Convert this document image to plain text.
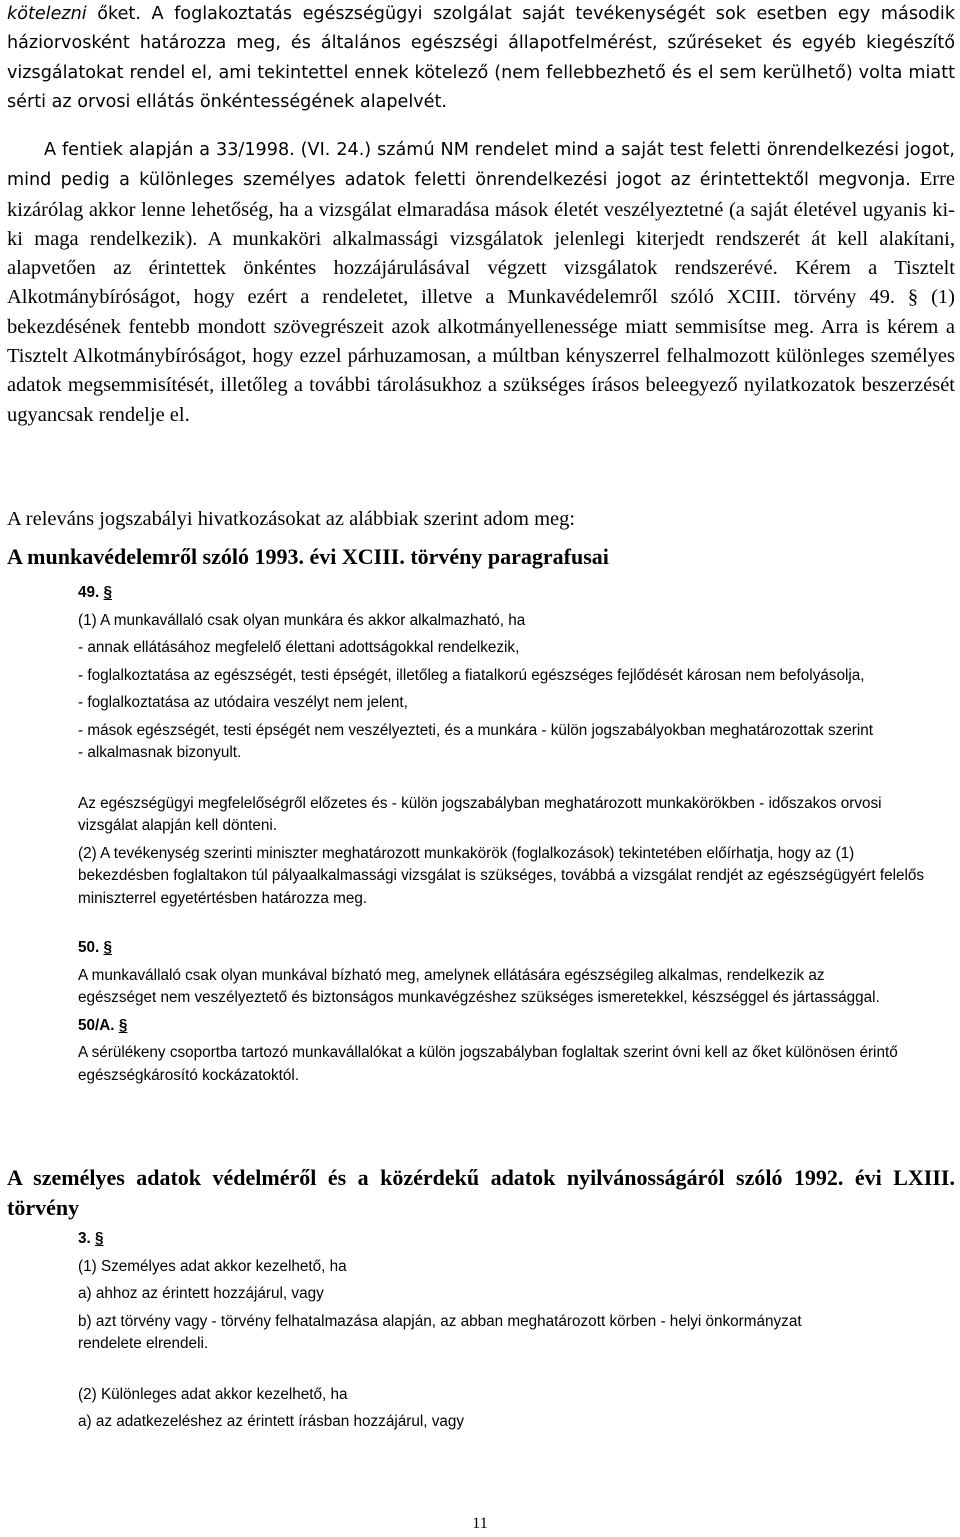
kötelezni őket. A foglakoztatás egészségügyi szolgálat saját tevékenységét sok esetben egy második háziorvosként határozza meg, és általános egészségi állapotfelmérést, szűréseket és egyéb kiegészítő vizsgálatokat rendel el, ami tekintettel ennek kötelező (nem fellebbezhető és el sem kerülhető) volta miatt sérti az orvosi ellátás önkéntességének alapelvét.

A fentiek alapján a 33/1998. (VI. 24.) számú NM rendelet mind a saját test feletti önrendelkezési jogot, mind pedig a különleges személyes adatok feletti önrendelkezési jogot az érintettektől megvonja. Erre kizárólag akkor lenne lehetőség, ha a vizsgálat elmaradása mások életét veszélyeztetné (a saját életével ugyanis ki-ki maga rendelkezik). A munkaköri alkalmassági vizsgálatok jelenlegi kiterjedt rendszerét át kell alakítani, alapvetően az érintettek önkéntes hozzájárulásával végzett vizsgálatok rendszerévé. Kérem a Tisztelt Alkotmánybíróságot, hogy ezért a rendeletet, illetve a Munkavédelemről szóló XCIII. törvény 49. § (1) bekezdésének fentebb mondott szövegrészeit azok alkotmányellenessége miatt semmisítse meg. Arra is kérem a Tisztelt Alkotmánybíróságot, hogy ezzel párhuzamosan, a múltban kényszerrel felhalmozott különleges személyes adatok megsemmisítését, illetőleg a további tárolásukhoz a szükséges írásos beleegyező nyilatkozatok beszerzését ugyancsak rendelje el.

A releváns jogszabályi hivatkozásokat az alábbiak szerint adom meg:

A munkavédelemről szóló 1993. évi XCIII. törvény paragrafusai

49. §

(1) A munkavállaló csak olyan munkára és akkor alkalmazható, ha

- annak ellátásához megfelelő élettani adottságokkal rendelkezik,

- foglalkoztatása az egészségét, testi épségét, illetőleg a fiatalkorú egészséges fejlődését károsan nem befolyásolja,

- foglalkoztatása az utódaira veszélyt nem jelent,

- mások egészségét, testi épségét nem veszélyezteti, és a munkára - külön jogszabályokban meghatározottak szerint - alkalmasnak bizonyult.

Az egészségügyi megfelelőségről előzetes és - külön jogszabályban meghatározott munkakörökben - időszakos orvosi vizsgálat alapján kell dönteni.

(2) A tevékenység szerinti miniszter meghatározott munkakörök (foglalkozások) tekintetében előírhatja, hogy az (1) bekezdésben foglaltakon túl pályaalkalmassági vizsgálat is szükséges, továbbá a vizsgálat rendjét az egészségügyért felelős miniszterrel egyetértésben határozza meg.

50. §

A munkavállaló csak olyan munkával bízható meg, amelynek ellátására egészségileg alkalmas, rendelkezik az egészséget nem veszélyeztető és biztonságos munkavégzéshez szükséges ismeretekkel, készséggel és jártassággal.

50/A. §

A sérülékeny csoportba tartozó munkavállalókat a külön jogszabályban foglaltak szerint óvni kell az őket különösen érintő egészségkárosító kockázatoktól.

A személyes adatok védelméről és a közérdekű adatok nyilvánosságáról szóló 1992. évi LXIII. törvény

3. §

(1) Személyes adat akkor kezelhető, ha

a) ahhoz az érintett hozzájárul, vagy

b) azt törvény vagy - törvény felhatalmazása alapján, az abban meghatározott körben - helyi önkormányzat rendelete elrendeli.

(2) Különleges adat akkor kezelhető, ha

a) az adatkezeléshez az érintett írásban hozzájárul, vagy

11
